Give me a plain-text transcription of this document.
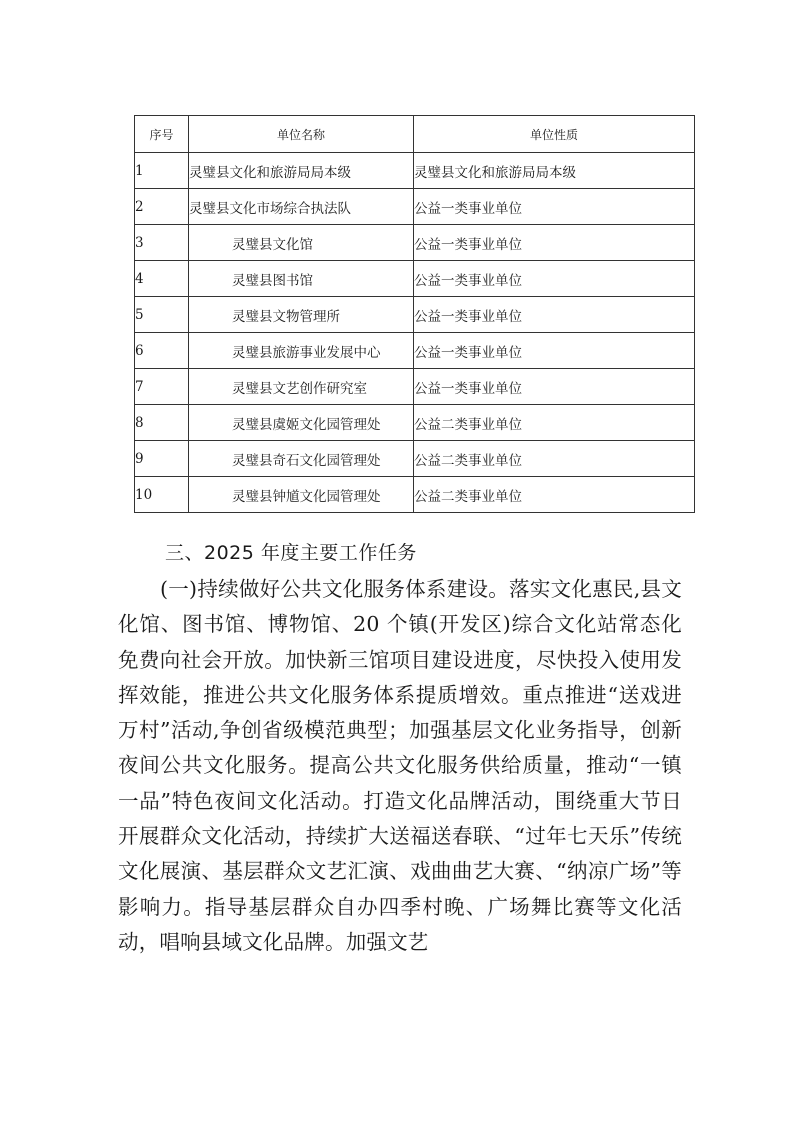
序号	单位名称	单位性质
1	灵璧县文化和旅游局局本级	灵璧县文化和旅游局局本级
2	灵璧县文化市场综合执法队	公益一类事业单位
3	灵璧县文化馆	公益一类事业单位
4	灵璧县图书馆	公益一类事业单位
5	灵璧县文物管理所	公益一类事业单位
6	灵璧县旅游事业发展中心	公益一类事业单位
7	灵璧县文艺创作研究室	公益一类事业单位
8	灵璧县虞姬文化园管理处	公益二类事业单位
9	灵璧县奇石文化园管理处	公益二类事业单位
10	灵璧县钟馗文化园管理处	公益二类事业单位
三、2025 年度主要工作任务

(一)持续做好公共文化服务体系建设。落实文化惠民,县文化馆、图书馆、博物馆、20 个镇(开发区)综合文化站常态化免费向社会开放。加快新三馆项目建设进度，尽快投入使用发挥效能，推进公共文化服务体系提质增效。重点推进“送戏进万村”活动,争创省级模范典型；加强基层文化业务指导，创新夜间公共文化服务。提高公共文化服务供给质量，推动“一镇一品”特色夜间文化活动。打造文化品牌活动，围绕重大节日开展群众文化活动，持续扩大送福送春联、“过年七天乐”传统文化展演、基层群众文艺汇演、戏曲曲艺大赛、“纳凉广场”等影响力。指导基层群众自办四季村晚、广场舞比赛等文化活动，唱响县域文化品牌。加强文艺
